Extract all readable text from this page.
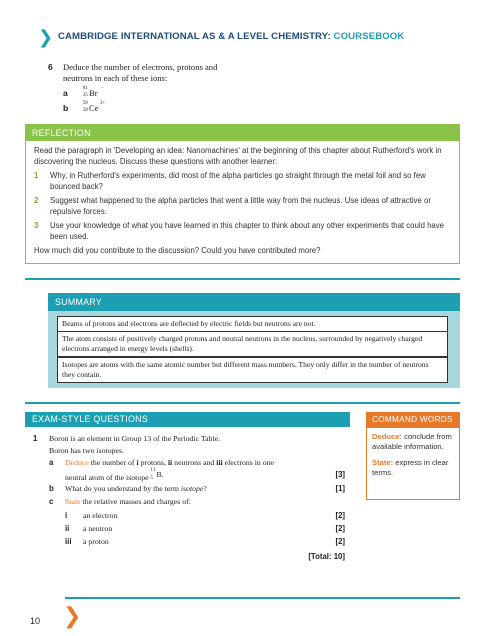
❯ CAMBRIDGE INTERNATIONAL AS & A LEVEL CHEMISTRY: COURSEBOOK
6 Deduce the number of electrons, protons and
neutrons in each of these ions:
a	81
35 Br −
b	58
58 Ce 3+
REFLECTION
Read the paragraph in 'Developing an idea: Nanomachines' at the beginning of this chapter about Rutherford's work in discovering the nucleus. Discuss these questions with another learner:
1 Why, in Rutherford's experiments, did most of the alpha particles go straight through the metal foil and so few bounced back?
2 Suggest what happened to the alpha particles that went a little way from the nucleus. Use ideas of attractive or repulsive forces.
3 Use your knowledge of what you have learned in this chapter to think about any other experiments that could have been used.
How much did you contribute to the discussion? Could you have contributed more?
SUMMARY
Beams of protons and electrons are deflected by electric fields but neutrons are not.
The atom consists of positively charged protons and neutral neutrons in the nucleus, surrounded by negatively charged electrons arranged in energy levels (shells).
Isotopes are atoms with the same atomic number but different mass numbers. They only differ in the number of neutrons they contain.
EXAM-STYLE QUESTIONS
1 Boron is an element in Group 13 of the Periodic Table.
Boron has two isotopes.
a Deduce the number of i protons, ii neutrons and iii electrons in one
neutral atom of the isotope
11
5 B.	[3]
b What do you understand by the term isotope?	[1]
c State the relative masses and charges of:
i an electron	[2]
ii a neutron	[2]
iii a proton	[2]
[Total: 10]
COMMAND WORDS
Deduce: conclude from available information.
State: express in clear terms.
10 ❯
